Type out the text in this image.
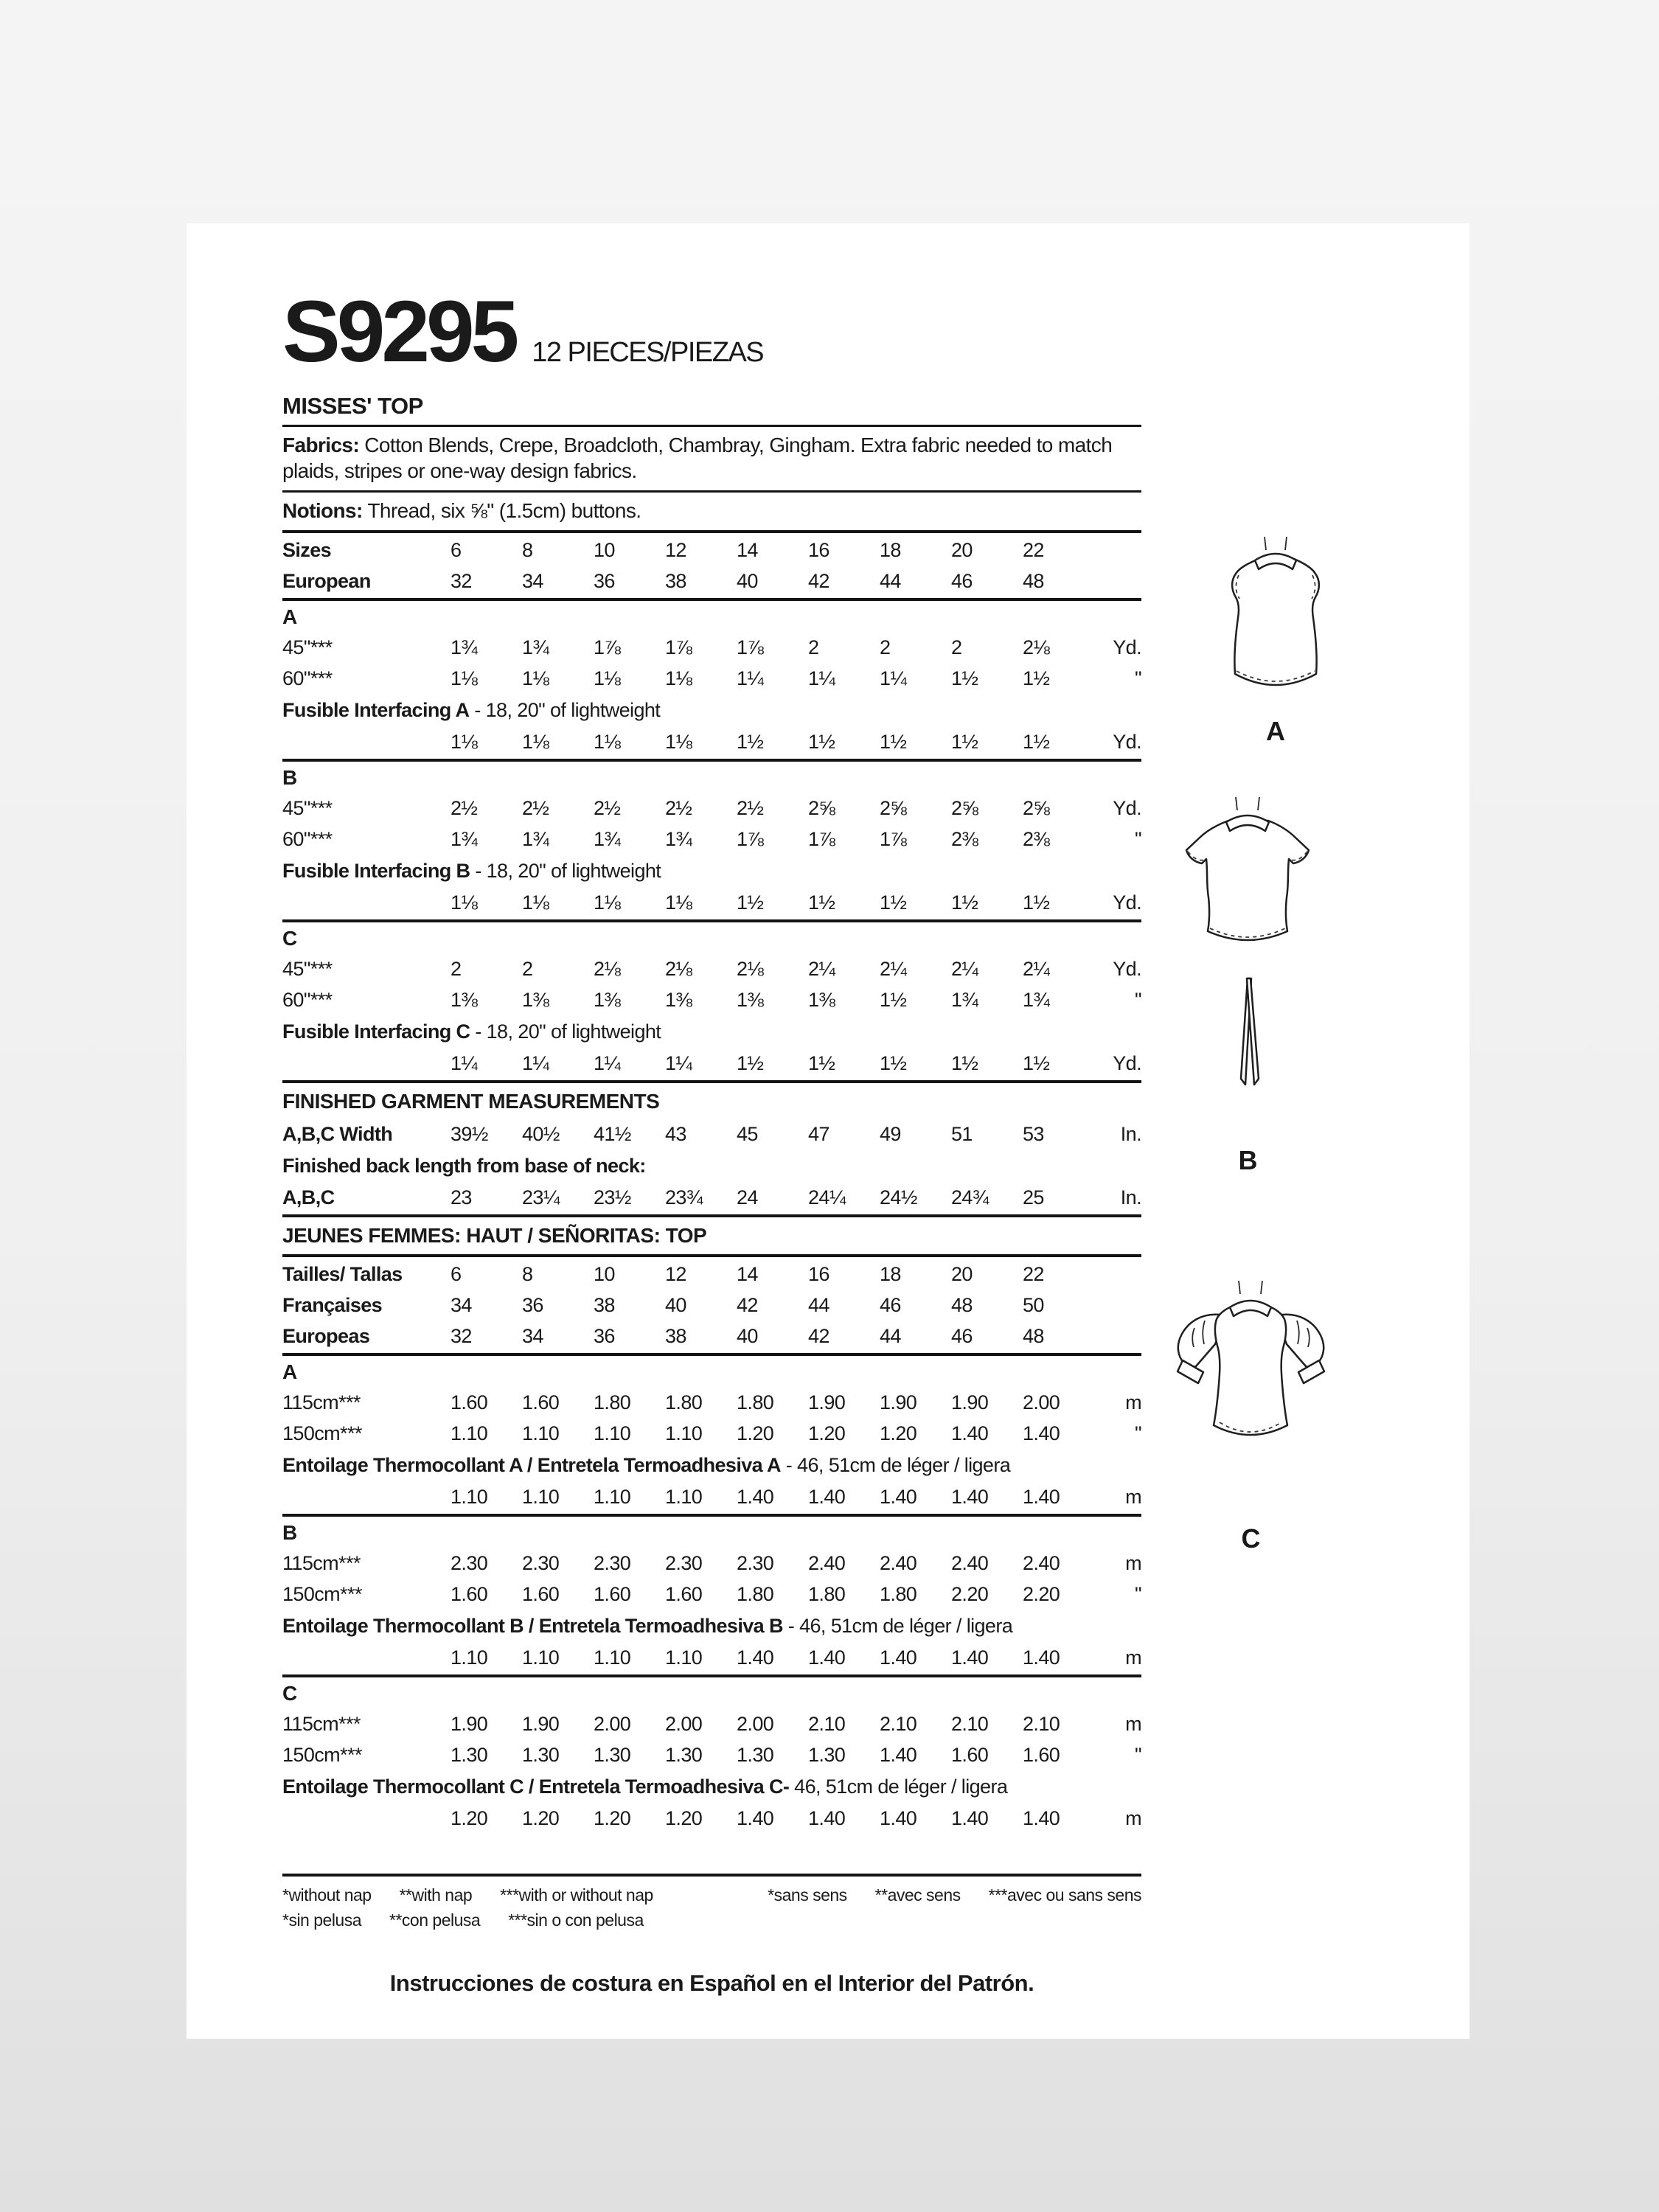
S9295 12 PIECES/PIEZAS
MISSES' TOP
Fabrics: Cotton Blends, Crepe, Broadcloth, Chambray, Gingham. Extra fabric needed to match plaids, stripes or one-way design fabrics.
Notions: Thread, six ⅝" (1.5cm) buttons.
Sizes	6	8	10	12	14	16	18	20	22
European	32	34	36	38	40	42	44	46	48
A
45"***	1¾	1¾	1⅞	1⅞	1⅞	2	2	2	2⅛	Yd.
60"***	1⅛	1⅛	1⅛	1⅛	1¼	1¼	1¼	1½	1½	"
Fusible Interfacing A - 18, 20" of lightweight
1⅛	1⅛	1⅛	1⅛	1½	1½	1½	1½	1½	Yd.
B
45"***	2½	2½	2½	2½	2½	2⅝	2⅝	2⅝	2⅝	Yd.
60"***	1¾	1¾	1¾	1¾	1⅞	1⅞	1⅞	2⅜	2⅜	"
Fusible Interfacing B - 18, 20" of lightweight
1⅛	1⅛	1⅛	1⅛	1½	1½	1½	1½	1½	Yd.
C
45"***	2	2	2⅛	2⅛	2⅛	2¼	2¼	2¼	2¼	Yd.
60"***	1⅜	1⅜	1⅜	1⅜	1⅜	1⅜	1½	1¾	1¾	"
Fusible Interfacing C - 18, 20" of lightweight
1¼	1¼	1¼	1¼	1½	1½	1½	1½	1½	Yd.
FINISHED GARMENT MEASUREMENTS
A,B,C Width	39½	40½	41½	43	45	47	49	51	53	In.
Finished back length from base of neck:
A,B,C	23	23¼	23½	23¾	24	24¼	24½	24¾	25	In.
JEUNES FEMMES: HAUT / SEÑORITAS: TOP
Tailles/ Tallas	6	8	10	12	14	16	18	20	22
Françaises	34	36	38	40	42	44	46	48	50
Europeas	32	34	36	38	40	42	44	46	48
A
115cm***	1.60	1.60	1.80	1.80	1.80	1.90	1.90	1.90	2.00	m
150cm***	1.10	1.10	1.10	1.10	1.20	1.20	1.20	1.40	1.40	"
Entoilage Thermocollant A / Entretela Termoadhesiva A - 46, 51cm de léger / ligera
1.10	1.10	1.10	1.10	1.40	1.40	1.40	1.40	1.40	m
B
115cm***	2.30	2.30	2.30	2.30	2.30	2.40	2.40	2.40	2.40	m
150cm***	1.60	1.60	1.60	1.60	1.80	1.80	1.80	2.20	2.20	"
Entoilage Thermocollant B / Entretela Termoadhesiva B - 46, 51cm de léger / ligera
1.10	1.10	1.10	1.10	1.40	1.40	1.40	1.40	1.40	m
C
115cm***	1.90	1.90	2.00	2.00	2.00	2.10	2.10	2.10	2.10	m
150cm***	1.30	1.30	1.30	1.30	1.30	1.30	1.40	1.60	1.60	"
Entoilage Thermocollant C / Entretela Termoadhesiva C- 46, 51cm de léger / ligera
1.20	1.20	1.20	1.20	1.40	1.40	1.40	1.40	1.40	m
*without nap **with nap ***with or without nap	*sans sens **avec sens ***avec ou sans sens
*sin pelusa **con pelusa ***sin o con pelusa
Instrucciones de costura en Español en el Interior del Patrón.
A
B
C
